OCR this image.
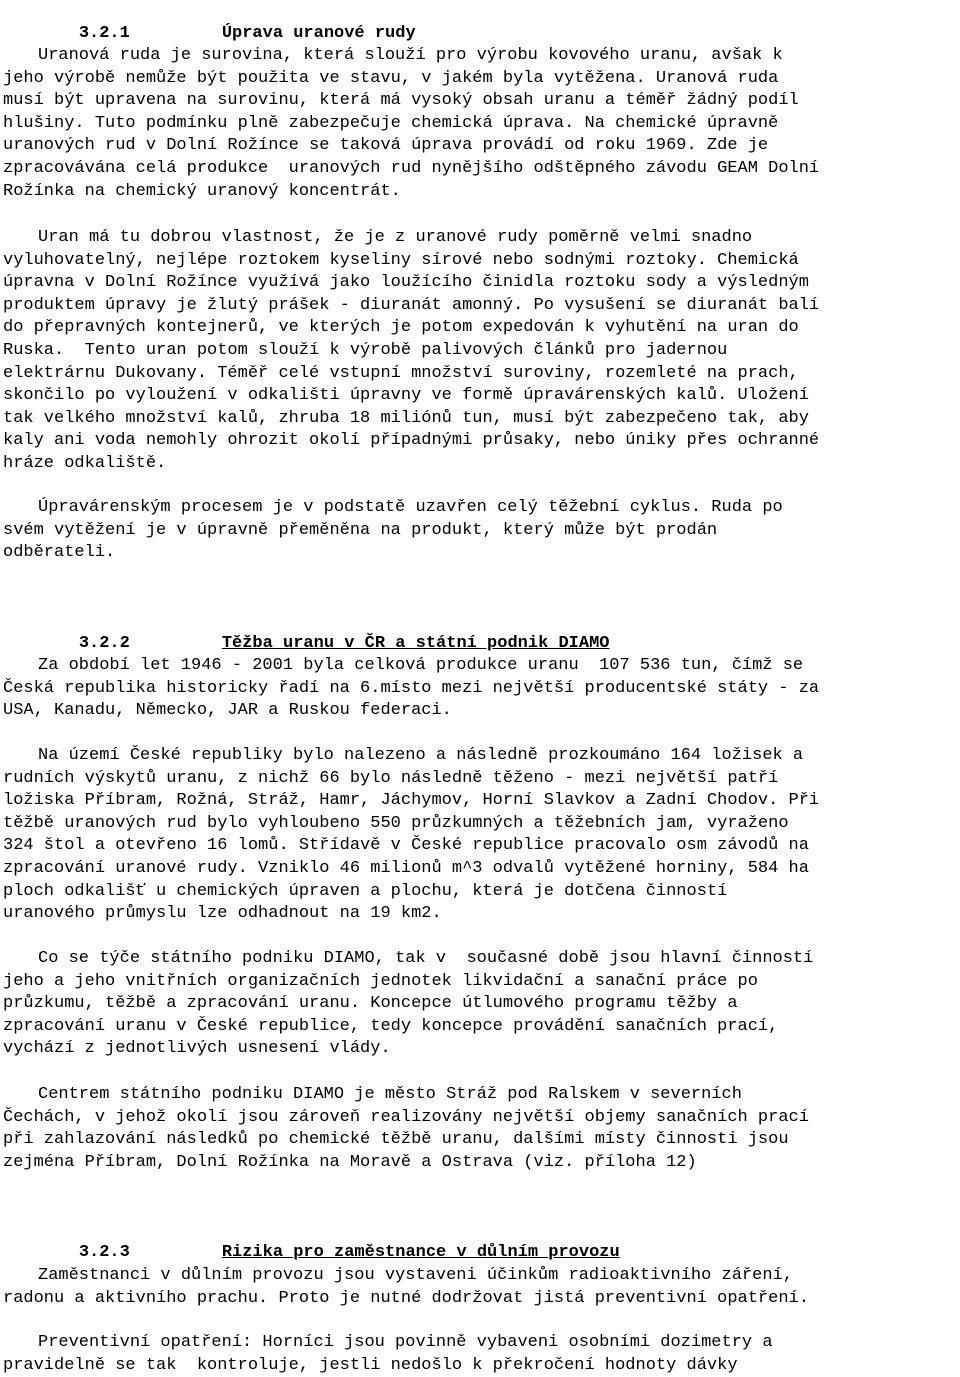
3.2.1	Úprava uranové rudy

Uranová ruda je surovina, která slouží pro výrobu kovového uranu, avšak k
jeho výrobě nemůže být použita ve stavu, v jakém byla vytěžena. Uranová ruda
musí být upravena na surovinu, která má vysoký obsah uranu a téměř žádný podíl
hlušiny. Tuto podmínku plně zabezpečuje chemická úprava. Na chemické úpravně
uranových rud v Dolní Rožínce se taková úprava provádí od roku 1969. Zde je
zpracovávána celá produkce  uranových rud nynějšího odštěpného závodu GEAM Dolní
Rožínka na chemický uranový koncentrát.
Uran má tu dobrou vlastnost, že je z uranové rudy poměrně velmi snadno
vyluhovatelný, nejlépe roztokem kyseliny sírové nebo sodnými roztoky. Chemická
úpravna v Dolní Rožínce využívá jako loužícího činidla roztoku sody a výsledným
produktem úpravy je žlutý prášek - diuranát amonný. Po vysušení se diuranát balí
do přepravných kontejnerů, ve kterých je potom expedován k vyhutění na uran do
Ruska.  Tento uran potom slouží k výrobě palivových článků pro jadernou
elektrárnu Dukovany. Téměř celé vstupní množství suroviny, rozemleté na prach,
skončilo po vyloužení v odkališti úpravny ve formě úpravárenských kalů. Uložení
tak velkého množství kalů, zhruba 18 miliónů tun, musí být zabezpečeno tak, aby
kaly ani voda nemohly ohrozit okolí případnými průsaky, nebo úniky přes ochranné
hráze odkaliště.
Úpravárenským procesem je v podstatě uzavřen celý těžební cyklus. Ruda po
svém vytěžení je v úpravně přeměněna na produkt, který může být prodán
odběrateli.

3.2.2	Těžba uranu v ČR a státní podnik DIAMO

Za období let 1946 - 2001 byla celková produkce uranu  107 536 tun, čímž se
Česká republika historicky řadí na 6.místo mezi největší producentské státy - za
USA, Kanadu, Německo, JAR a Ruskou federaci.
Na území České republiky bylo nalezeno a následně prozkoumáno 164 ložisek a
rudních výskytů uranu, z nichž 66 bylo následně těženo - mezi největší patří
ložiska Příbram, Rožná, Stráž, Hamr, Jáchymov, Horní Slavkov a Zadní Chodov. Při
těžbě uranových rud bylo vyhloubeno 550 průzkumných a těžebních jam, vyraženo
324 štol a otevřeno 16 lomů. Střídavě v České republice pracovalo osm závodů na
zpracování uranové rudy. Vzniklo 46 milionů m^3 odvalů vytěžené horniny, 584 ha
ploch odkališť u chemických úpraven a plochu, která je dotčena činností
uranového průmyslu lze odhadnout na 19 km2.
Co se týče státního podniku DIAMO, tak v  současné době jsou hlavní činností
jeho a jeho vnitřních organizačních jednotek likvidační a sanační práce po
průzkumu, těžbě a zpracování uranu. Koncepce útlumového programu těžby a
zpracování uranu v České republice, tedy koncepce provádění sanačních prací,
vychází z jednotlivých usnesení vlády.
Centrem státního podniku DIAMO je město Stráž pod Ralskem v severních
Čechách, v jehož okolí jsou zároveň realizovány největší objemy sanačních prací
při zahlazování následků po chemické těžbě uranu, dalšími místy činnosti jsou
zejména Příbram, Dolní Rožínka na Moravě a Ostrava (viz. příloha 12)

3.2.3	Rizika pro zaměstnance v důlním provozu

Zaměstnanci v důlním provozu jsou vystaveni účinkům radioaktivního záření,
radonu a aktivního prachu. Proto je nutné dodržovat jistá preventivní opatření.
Preventivní opatření: Horníci jsou povinně vybaveni osobními dozimetry a
pravidelně se tak  kontroluje, jestli nedošlo k překročení hodnoty dávky
